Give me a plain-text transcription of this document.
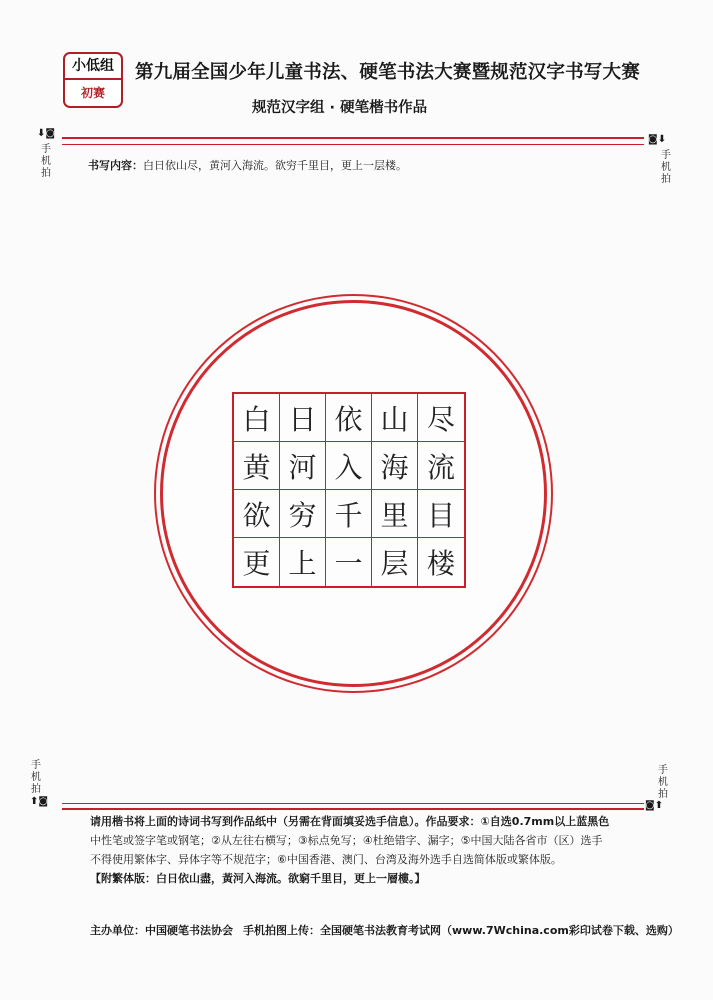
小低组
初赛
第九届全国少年儿童书法、硬笔书法大赛暨规范汉字书写大赛
规范汉字组 · 硬笔楷书作品
⬇◙
手
机
拍
◙⬇
手
机
拍
书写内容：白日依山尽，黄河入海流。欲穷千里目，更上一层楼。
白 日 依 山 尽
黄 河 入 海 流
欲 穷 千 里 目
更 上 一 层 楼
手
机
拍
⬆◙
手
机
拍
◙⬆

请用楷书将上面的诗词书写到作品纸中（另需在背面填妥选手信息）。作品要求：①自选0.7mm以上蓝黑色

中性笔或签字笔或钢笔；②从左往右横写；③标点免写；④杜绝错字、漏字；⑤中国大陆各省市（区）选手

不得使用繁体字、异体字等不规范字；⑥中国香港、澳门、台湾及海外选手自选简体版或繁体版。

【附繁体版：白日依山盡，黃河入海流。欲窮千里目，更上一層樓。】

主办单位：中国硬笔书法协会 手机拍图上传：全国硬笔书法教育考试网（www.7Wchina.com彩印试卷下载、选购）
